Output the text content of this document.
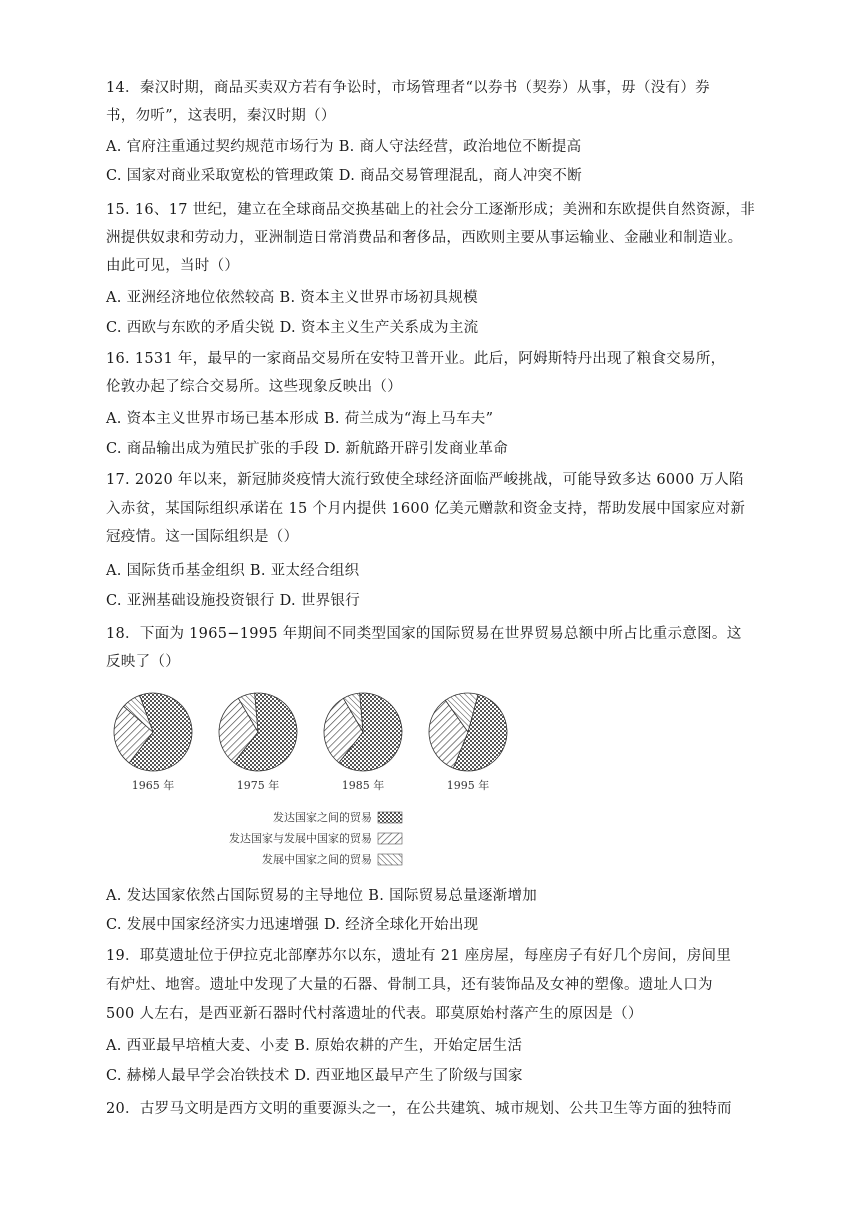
14．秦汉时期，商品买卖双方若有争讼时，市场管理者“以券书（契券）从事，毋（没有）券
书，勿听”，这表明，秦汉时期（）
A. 官府注重通过契约规范市场行为 B. 商人守法经营，政治地位不断提高
C. 国家对商业采取宽松的管理政策 D. 商品交易管理混乱，商人冲突不断
15. 16、17 世纪，建立在全球商品交换基础上的社会分工逐渐形成；美洲和东欧提供自然资源，非
洲提供奴隶和劳动力，亚洲制造日常消费品和奢侈品，西欧则主要从事运输业、金融业和制造业。
由此可见，当时（）
A. 亚洲经济地位依然较高 B. 资本主义世界市场初具规模
C. 西欧与东欧的矛盾尖锐 D. 资本主义生产关系成为主流
16. 1531 年，最早的一家商品交易所在安特卫普开业。此后，阿姆斯特丹出现了粮食交易所，
伦敦办起了综合交易所。这些现象反映出（）
A. 资本主义世界市场已基本形成 B. 荷兰成为“海上马车夫”
C. 商品输出成为殖民扩张的手段 D. 新航路开辟引发商业革命
17. 2020 年以来，新冠肺炎疫情大流行致使全球经济面临严峻挑战，可能导致多达 6000 万人陷
入赤贫，某国际组织承诺在 15 个月内提供 1600 亿美元赠款和资金支持，帮助发展中国家应对新
冠疫情。这一国际组织是（）
A. 国际货币基金组织 B. 亚太经合组织
C. 亚洲基础设施投资银行 D. 世界银行
18．下面为 1965−1995 年期间不同类型国家的国际贸易在世界贸易总额中所占比重示意图。这
反映了（）
1965 年	1975 年	1985 年	1995 年
发达国家之间的贸易
发达国家与发展中国家的贸易
发展中国家之间的贸易
A. 发达国家依然占国际贸易的主导地位 B. 国际贸易总量逐渐增加
C. 发展中国家经济实力迅速增强 D. 经济全球化开始出现
19．耶莫遗址位于伊拉克北部摩苏尔以东，遗址有 21 座房屋，每座房子有好几个房间，房间里
有炉灶、地窖。遗址中发现了大量的石器、骨制工具，还有装饰品及女神的塑像。遗址人口为
500 人左右，是西亚新石器时代村落遗址的代表。耶莫原始村落产生的原因是（）
A. 西亚最早培植大麦、小麦 B. 原始农耕的产生，开始定居生活
C. 赫梯人最早学会冶铁技术 D. 西亚地区最早产生了阶级与国家
20．古罗马文明是西方文明的重要源头之一，在公共建筑、城市规划、公共卫生等方面的独特而
